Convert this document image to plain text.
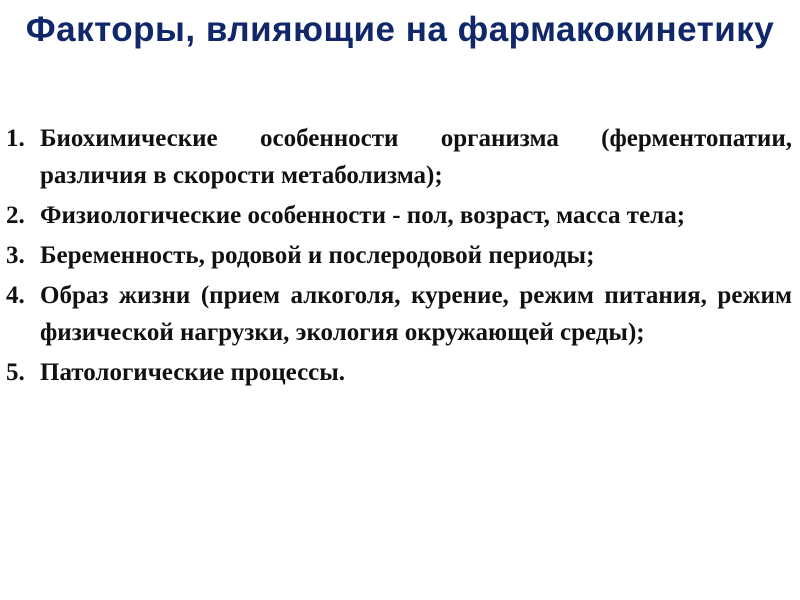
Факторы, влияющие на фармакокинетику
1. Биохимические особенности организма (ферментопатии, различия в скорости метаболизма);
2. Физиологические особенности - пол, возраст, масса тела;
3. Беременность, родовой и послеродовой периоды;
4. Образ жизни (прием алкоголя, курение, режим питания, режим физической нагрузки, экология окружающей среды);
5. Патологические процессы.
